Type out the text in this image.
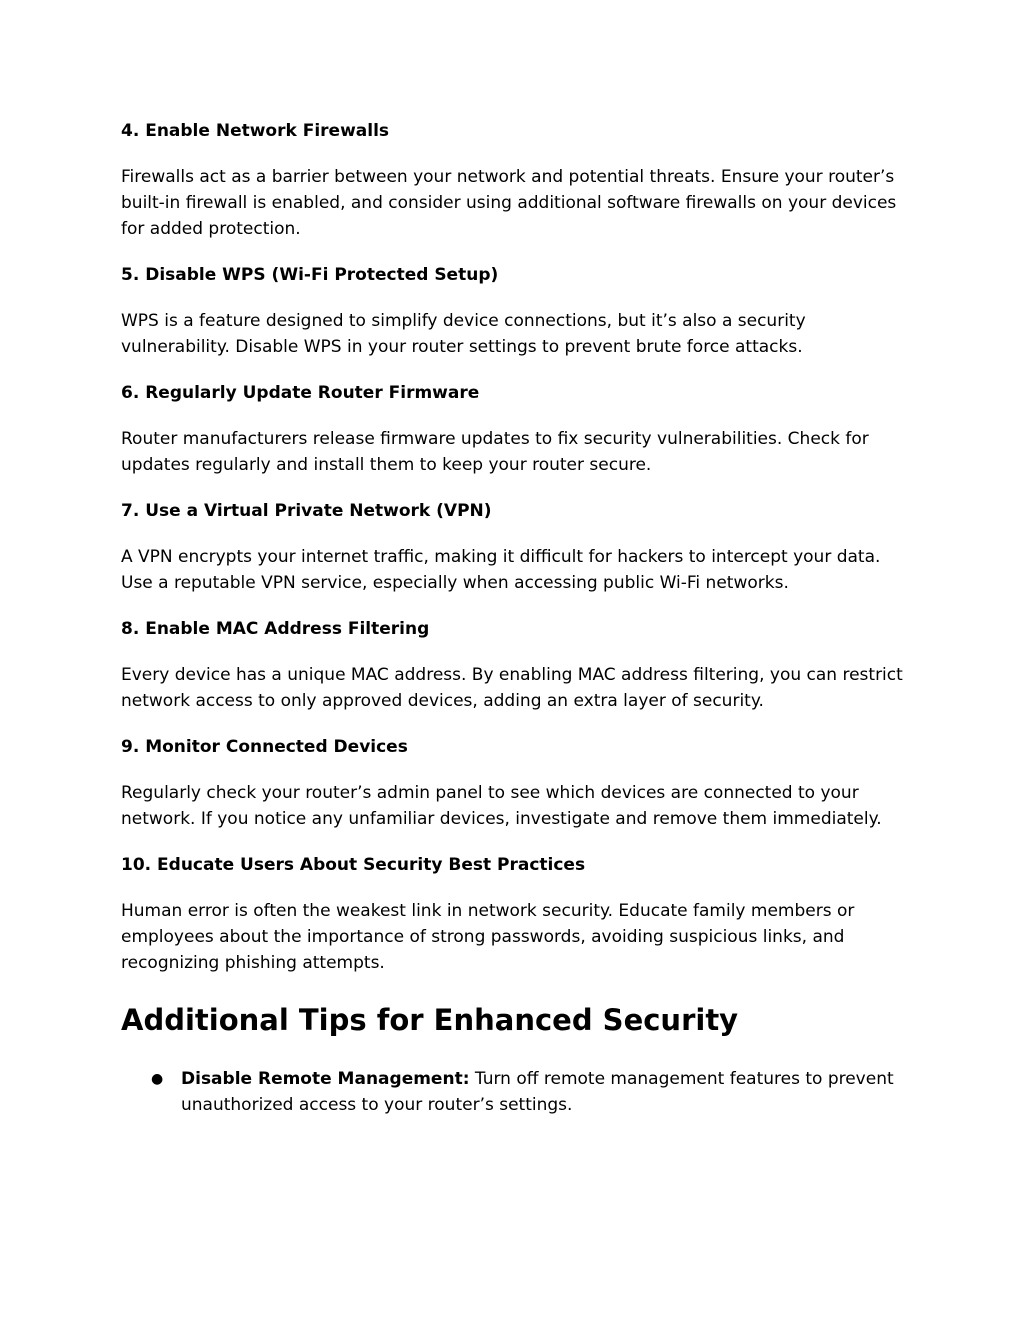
4. Enable Network Firewalls
Firewalls act as a barrier between your network and potential threats. Ensure your router’s built-in firewall is enabled, and consider using additional software firewalls on your devices for added protection.
5. Disable WPS (Wi-Fi Protected Setup)
WPS is a feature designed to simplify device connections, but it’s also a security vulnerability. Disable WPS in your router settings to prevent brute force attacks.
6. Regularly Update Router Firmware
Router manufacturers release firmware updates to fix security vulnerabilities. Check for updates regularly and install them to keep your router secure.
7. Use a Virtual Private Network (VPN)
A VPN encrypts your internet traffic, making it difficult for hackers to intercept your data. Use a reputable VPN service, especially when accessing public Wi-Fi networks.
8. Enable MAC Address Filtering
Every device has a unique MAC address. By enabling MAC address filtering, you can restrict network access to only approved devices, adding an extra layer of security.
9. Monitor Connected Devices
Regularly check your router’s admin panel to see which devices are connected to your network. If you notice any unfamiliar devices, investigate and remove them immediately.
10. Educate Users About Security Best Practices
Human error is often the weakest link in network security. Educate family members or employees about the importance of strong passwords, avoiding suspicious links, and recognizing phishing attempts.
Additional Tips for Enhanced Security
● Disable Remote Management: Turn off remote management features to prevent unauthorized access to your router’s settings.
